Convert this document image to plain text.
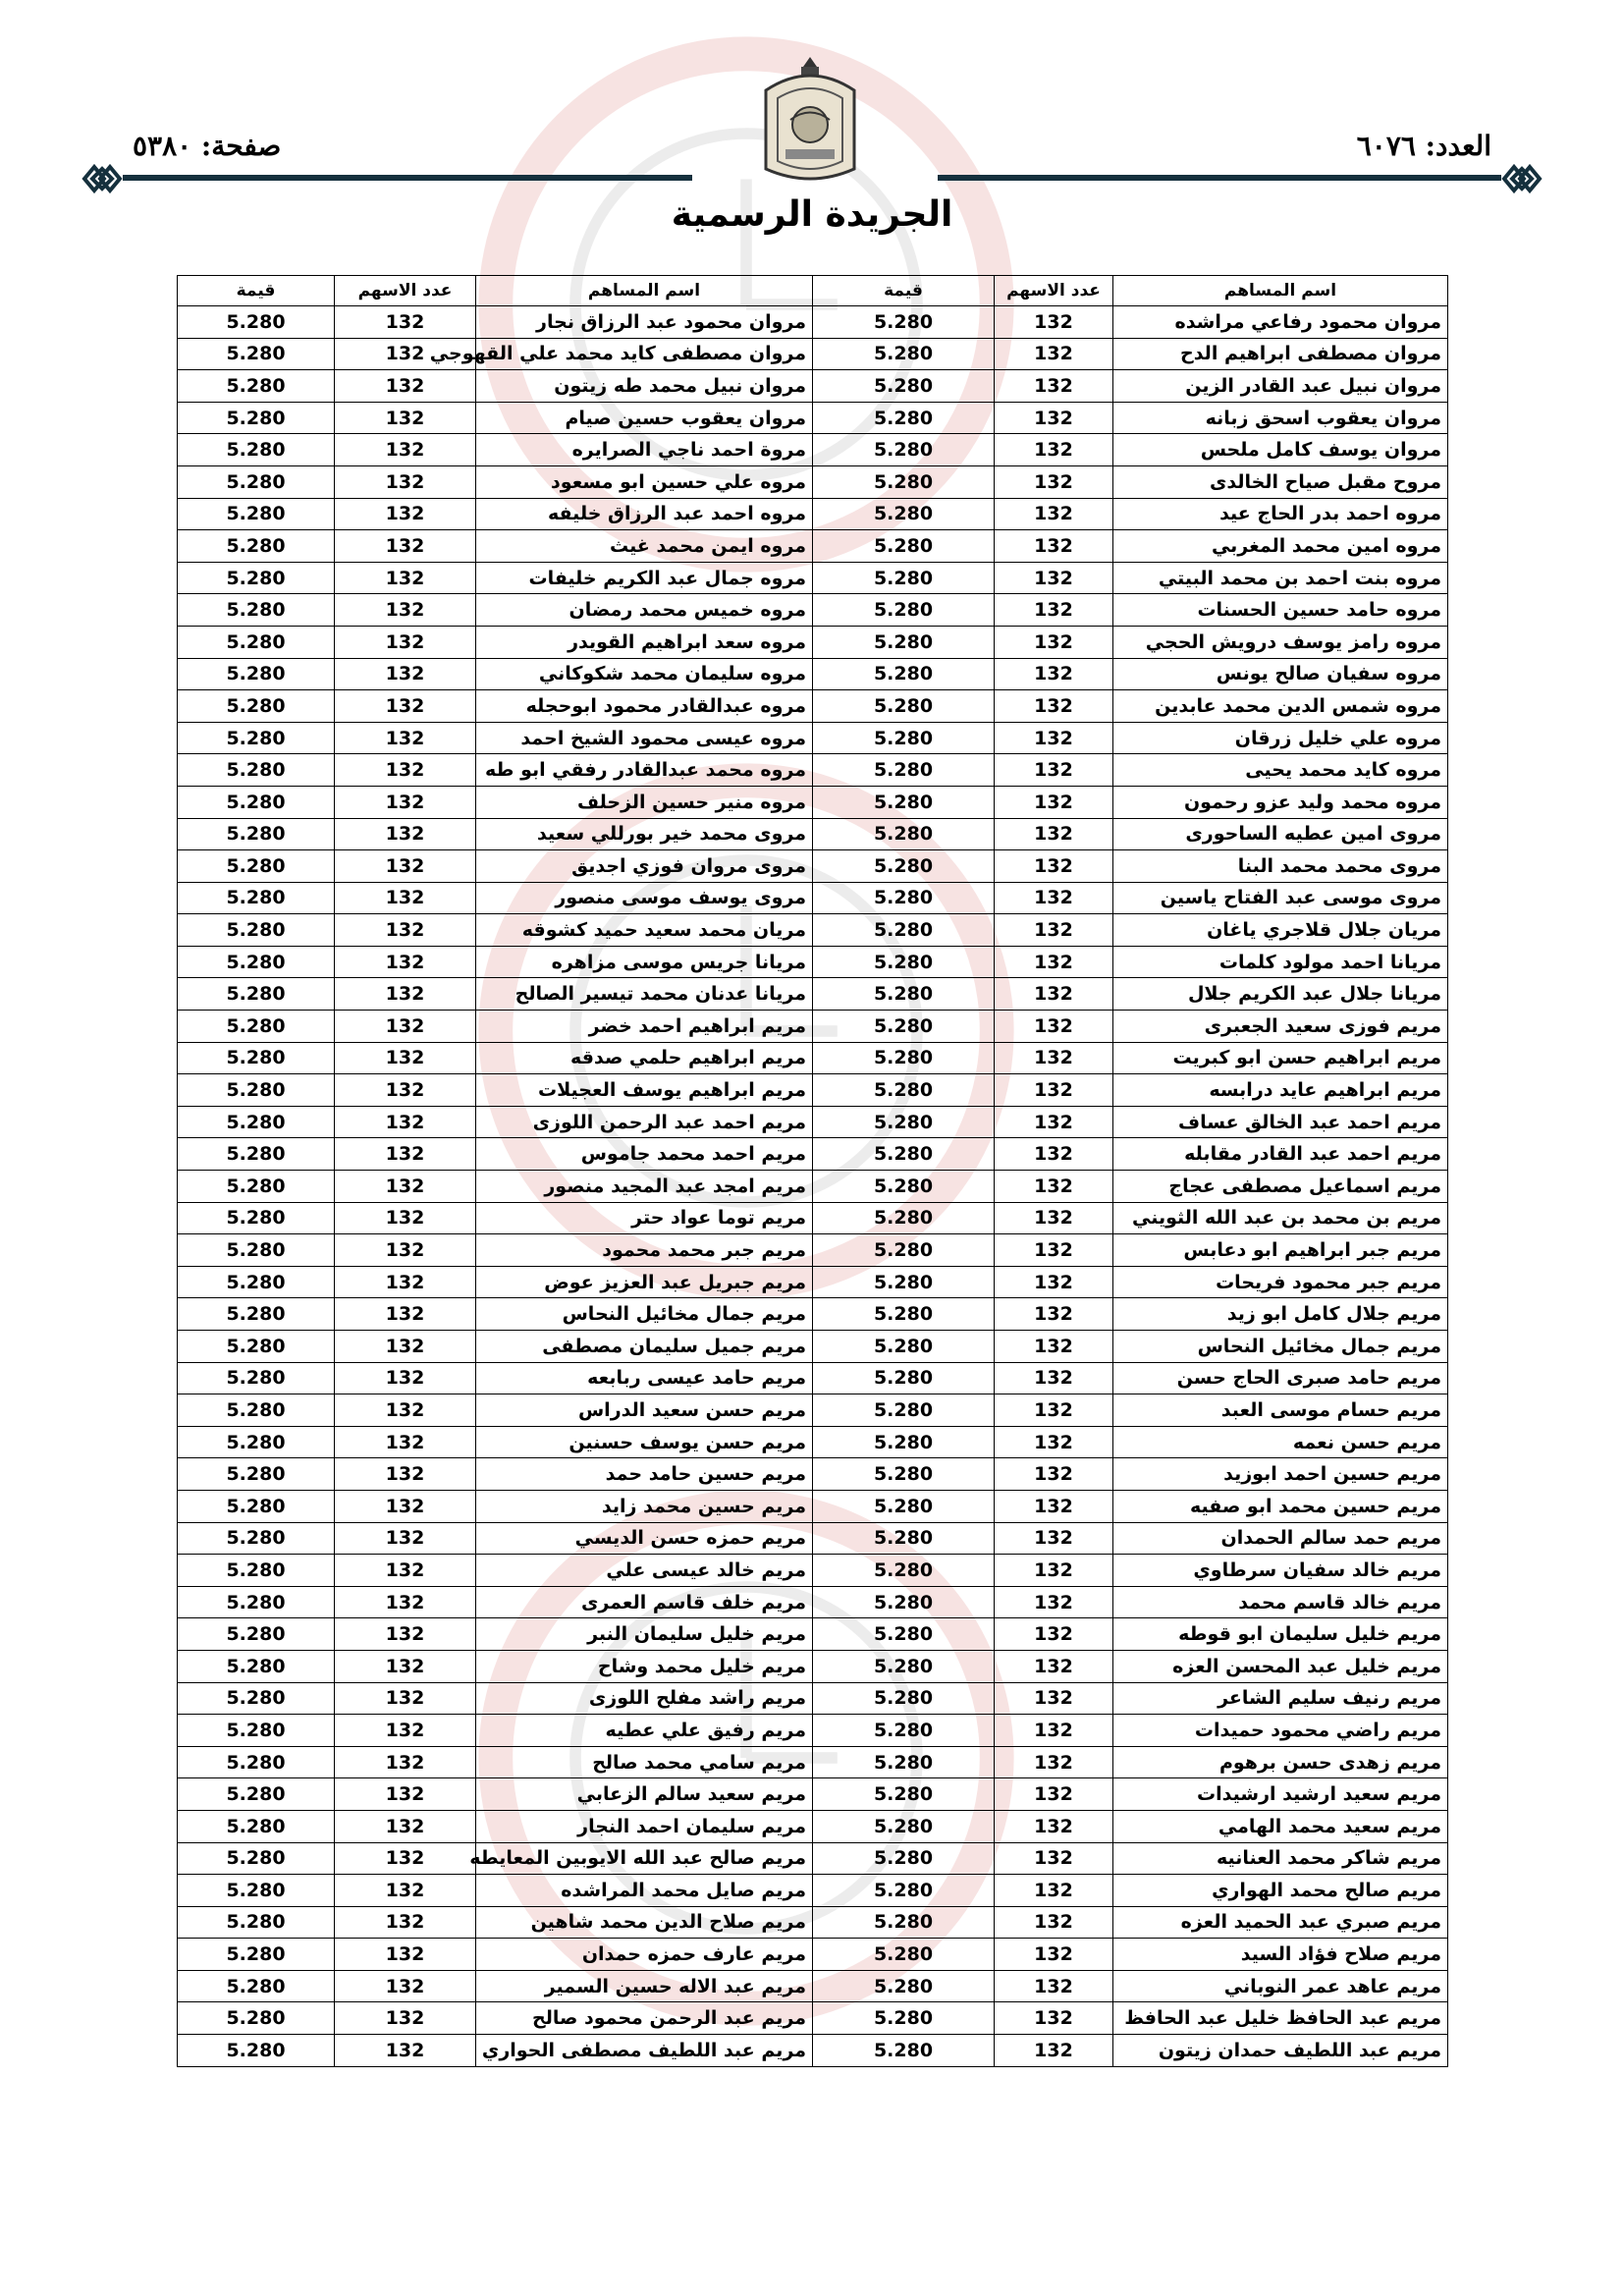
العدد: ٦٠٧٦
صفحة: ٥٣٨٠
الجريدة الرسمية
اسم المساهم	عدد الاسهم	قيمة	اسم المساهم	عدد الاسهم	قيمة
مروان محمود رفاعي مراشده	132	5.280	مروان محمود عبد الرزاق نجار	132	5.280
مروان مصطفى ابراهيم الدح	132	5.280	مروان مصطفى كايد محمد علي القهوجي	132	5.280
مروان نبيل عبد القادر الزين	132	5.280	مروان نبيل محمد طه زيتون	132	5.280
مروان يعقوب اسحق زبانه	132	5.280	مروان يعقوب حسين صيام	132	5.280
مروان يوسف كامل ملحس	132	5.280	مروة احمد ناجي الصرايره	132	5.280
مروح مقبل صياح الخالدى	132	5.280	مروه علي حسين ابو مسعود	132	5.280
مروه احمد بدر الحاج عيد	132	5.280	مروه احمد عبد الرزاق خليفه	132	5.280
مروه امين محمد المغربي	132	5.280	مروه ايمن محمد غيث	132	5.280
مروه بنت احمد بن محمد البيتي	132	5.280	مروه جمال عبد الكريم خليفات	132	5.280
مروه حامد حسين الحسنات	132	5.280	مروه خميس محمد رمضان	132	5.280
مروه رامز يوسف درويش الحجي	132	5.280	مروه سعد ابراهيم القويدر	132	5.280
مروه سفيان صالح يونس	132	5.280	مروه سليمان محمد شكوكاني	132	5.280
مروه شمس الدين محمد عابدين	132	5.280	مروه عبدالقادر محمود ابوحجله	132	5.280
مروه علي خليل زرقان	132	5.280	مروه عيسى محمود الشيخ احمد	132	5.280
مروه كايد محمد يحيى	132	5.280	مروه محمد عبدالقادر رفقي ابو طه	132	5.280
مروه محمد وليد عزو رحمون	132	5.280	مروه منير حسين الزحلف	132	5.280
مروى امين عطيه الساحورى	132	5.280	مروى محمد خير بورللي سعيد	132	5.280
مروى محمد محمد البنا	132	5.280	مروى مروان فوزي اجديق	132	5.280
مروى موسى عبد الفتاح ياسين	132	5.280	مروى يوسف موسى منصور	132	5.280
مريان جلال قلاجري ياغان	132	5.280	مريان محمد سعيد حميد كشوقه	132	5.280
مريانا احمد مولود كلمات	132	5.280	مريانا جريس موسى مزاهره	132	5.280
مريانا جلال عبد الكريم جلال	132	5.280	مريانا عدنان محمد تيسير الصالح	132	5.280
مريم فوزى سعيد الجعبرى	132	5.280	مريم ابراهيم احمد خضر	132	5.280
مريم ابراهيم حسن ابو كبريت	132	5.280	مريم ابراهيم حلمي صدقه	132	5.280
مريم ابراهيم عايد درابسه	132	5.280	مريم ابراهيم يوسف العجيلات	132	5.280
مريم احمد عبد الخالق عساف	132	5.280	مريم احمد عبد الرحمن اللوزى	132	5.280
مريم احمد عبد القادر مقابله	132	5.280	مريم احمد محمد جاموس	132	5.280
مريم اسماعيل مصطفى عجاج	132	5.280	مريم امجد عبد المجيد منصور	132	5.280
مريم بن محمد بن عبد الله الثويني	132	5.280	مريم توما عواد حتر	132	5.280
مريم جبر ابراهيم ابو دعابس	132	5.280	مريم جبر محمد محمود	132	5.280
مريم جبر محمود فريحات	132	5.280	مريم جبريل عبد العزيز عوض	132	5.280
مريم جلال كامل ابو زيد	132	5.280	مريم جمال مخائيل النحاس	132	5.280
مريم جمال مخائيل النحاس	132	5.280	مريم جميل سليمان مصطفى	132	5.280
مريم حامد صبرى الحاج حسن	132	5.280	مريم حامد عيسى ربابعه	132	5.280
مريم حسام موسى العبد	132	5.280	مريم حسن سعيد الدراس	132	5.280
مريم حسن نعمه	132	5.280	مريم حسن يوسف حسنين	132	5.280
مريم حسين احمد ابوزيد	132	5.280	مريم حسين حامد حمد	132	5.280
مريم حسين محمد ابو صفيه	132	5.280	مريم حسين محمد زايد	132	5.280
مريم حمد سالم الحمدان	132	5.280	مريم حمزه حسن الديسي	132	5.280
مريم خالد سفيان سرطاوي	132	5.280	مريم خالد عيسى علي	132	5.280
مريم خالد قاسم محمد	132	5.280	مريم خلف قاسم العمرى	132	5.280
مريم خليل سليمان ابو قوطه	132	5.280	مريم خليل سليمان النبر	132	5.280
مريم خليل عبد المحسن العزه	132	5.280	مريم خليل محمد وشاح	132	5.280
مريم رنيف سليم الشاعر	132	5.280	مريم راشد مفلح اللوزى	132	5.280
مريم راضي محمود حميدات	132	5.280	مريم رفيق علي عطيه	132	5.280
مريم زهدى حسن برهوم	132	5.280	مريم سامي محمد صالح	132	5.280
مريم سعيد ارشيد ارشيدات	132	5.280	مريم سعيد سالم الزعابي	132	5.280
مريم سعيد محمد الهامي	132	5.280	مريم سليمان احمد النجار	132	5.280
مريم شاكر محمد العنانيه	132	5.280	مريم صالح عبد الله الايوبين المعايطه	132	5.280
مريم صالح محمد الهواري	132	5.280	مريم صايل محمد المراشده	132	5.280
مريم صبري عبد الحميد العزه	132	5.280	مريم صلاح الدين محمد شاهين	132	5.280
مريم صلاح فؤاد السيد	132	5.280	مريم عارف حمزه حمدان	132	5.280
مريم عاهد عمر النوباني	132	5.280	مريم عبد الاله حسين السمير	132	5.280
مريم عبد الحافظ خليل عبد الحافظ	132	5.280	مريم عبد الرحمن محمود صالح	132	5.280
مريم عبد اللطيف حمدان زيتون	132	5.280	مريم عبد اللطيف مصطفى الحواري	132	5.280
